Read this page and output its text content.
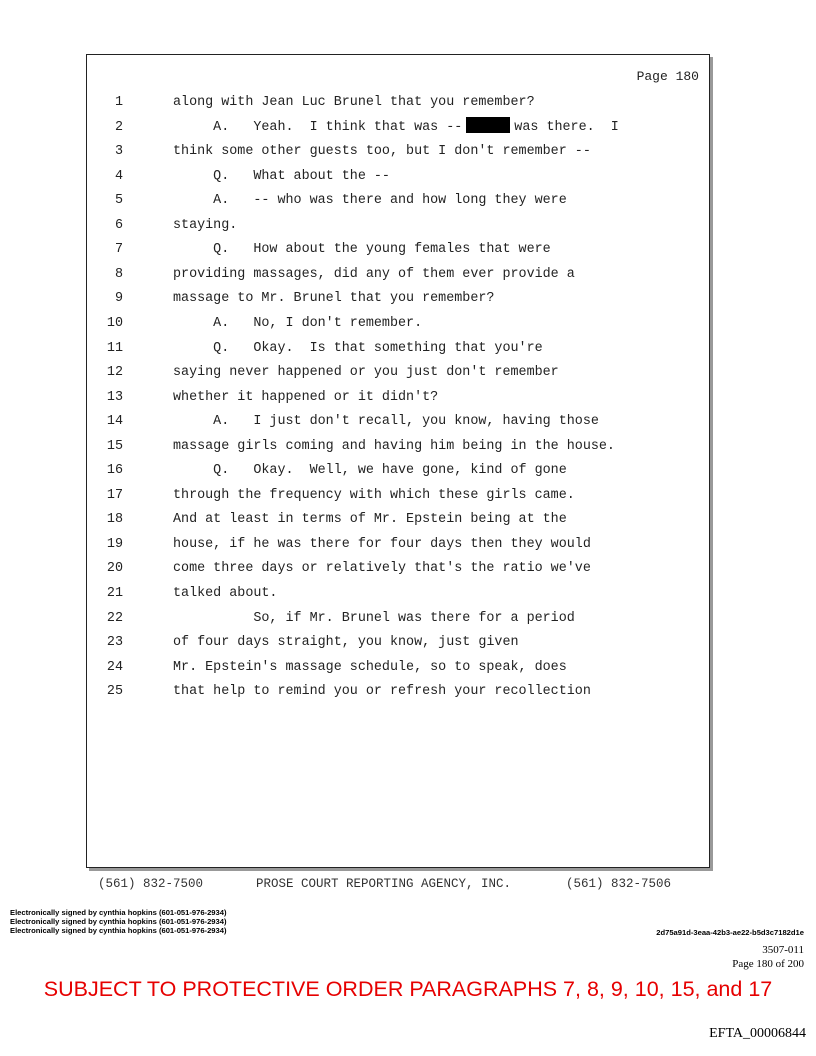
Page 180
1	along with Jean Luc Brunel that you remember?
2	A.   Yeah.  I think that was --	was there.  I
3	think some other guests too, but I don't remember --
4	Q.   What about the --
5	A.   -- who was there and how long they were
6	staying.
7	Q.   How about the young females that were
8	providing massages, did any of them ever provide a
9	massage to Mr. Brunel that you remember?
10	A.   No, I don't remember.
11	Q.   Okay.  Is that something that you're
12	saying never happened or you just don't remember
13	whether it happened or it didn't?
14	A.   I just don't recall, you know, having those
15	massage girls coming and having him being in the house.
16	Q.   Okay.  Well, we have gone, kind of gone
17	through the frequency with which these girls came.
18	And at least in terms of Mr. Epstein being at the
19	house, if he was there for four days then they would
20	come three days or relatively that's the ratio we've
21	talked about.
22	So, if Mr. Brunel was there for a period
23	of four days straight, you know, just given
24	Mr. Epstein's massage schedule, so to speak, does
25	that help to remind you or refresh your recollection

(561) 832-7500

	PROSE COURT REPORTING AGENCY, INC.

	(561) 832-7506

Electronically signed by cynthia hopkins (601-051-976-2934)
Electronically signed by cynthia hopkins (601-051-976-2934)
Electronically signed by cynthia hopkins (601-051-976-2934)	2d75a91d-3eaa-42b3-ae22-b5d3c7182d1e
3507-011
Page 180 of 200
SUBJECT TO PROTECTIVE ORDER PARAGRAPHS 7, 8, 9, 10, 15, and 17
EFTA_00006844
